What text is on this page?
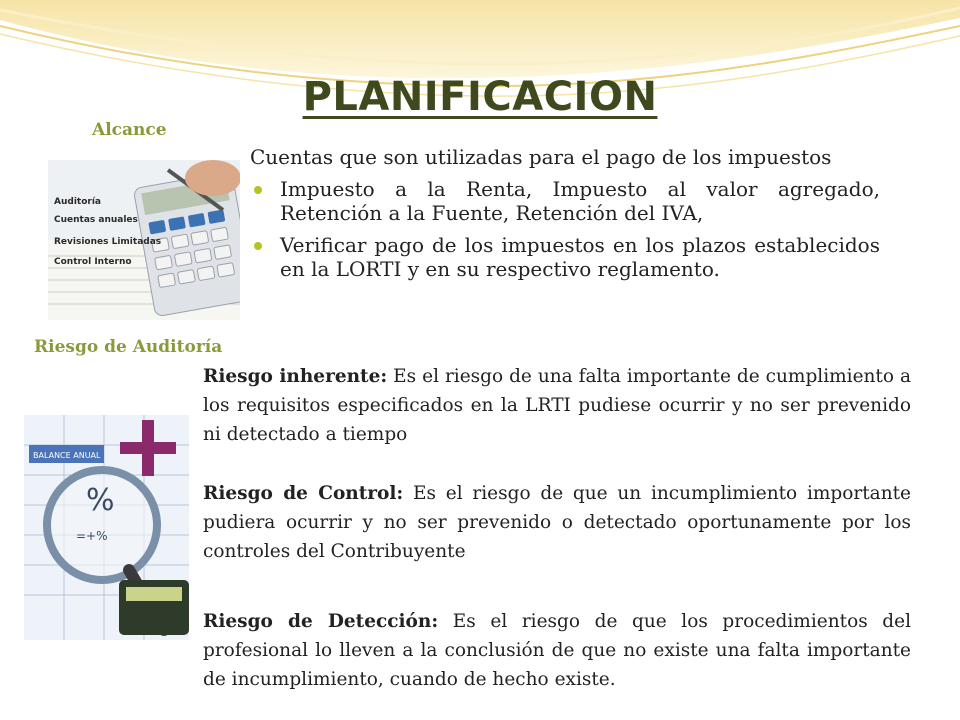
PLANIFICACION
Alcance
Auditoría
Cuentas anuales
Revisiones Limitadas
Control Interno
Cuentas que son utilizadas para el pago de los impuestos
Impuesto a la Renta, Impuesto al valor agregado, Retención a la Fuente, Retención del IVA,
Verificar pago de los impuestos en los plazos establecidos en la LORTI y en su respectivo reglamento.
Riesgo de Auditoría
BALANCE ANUAL
%
=+%
Riesgo inherente: Es el riesgo de una falta importante de cumplimiento a los requisitos especificados en la LRTI pudiese ocurrir y no ser prevenido ni detectado a tiempo
Riesgo de Control: Es el riesgo de que un incumplimiento importante pudiera ocurrir y no ser prevenido o detectado oportunamente por los controles del Contribuyente
Riesgo de Detección: Es el riesgo de que los procedimientos del profesional lo lleven a la conclusión de que no existe una falta importante de incumplimiento, cuando de hecho existe.
